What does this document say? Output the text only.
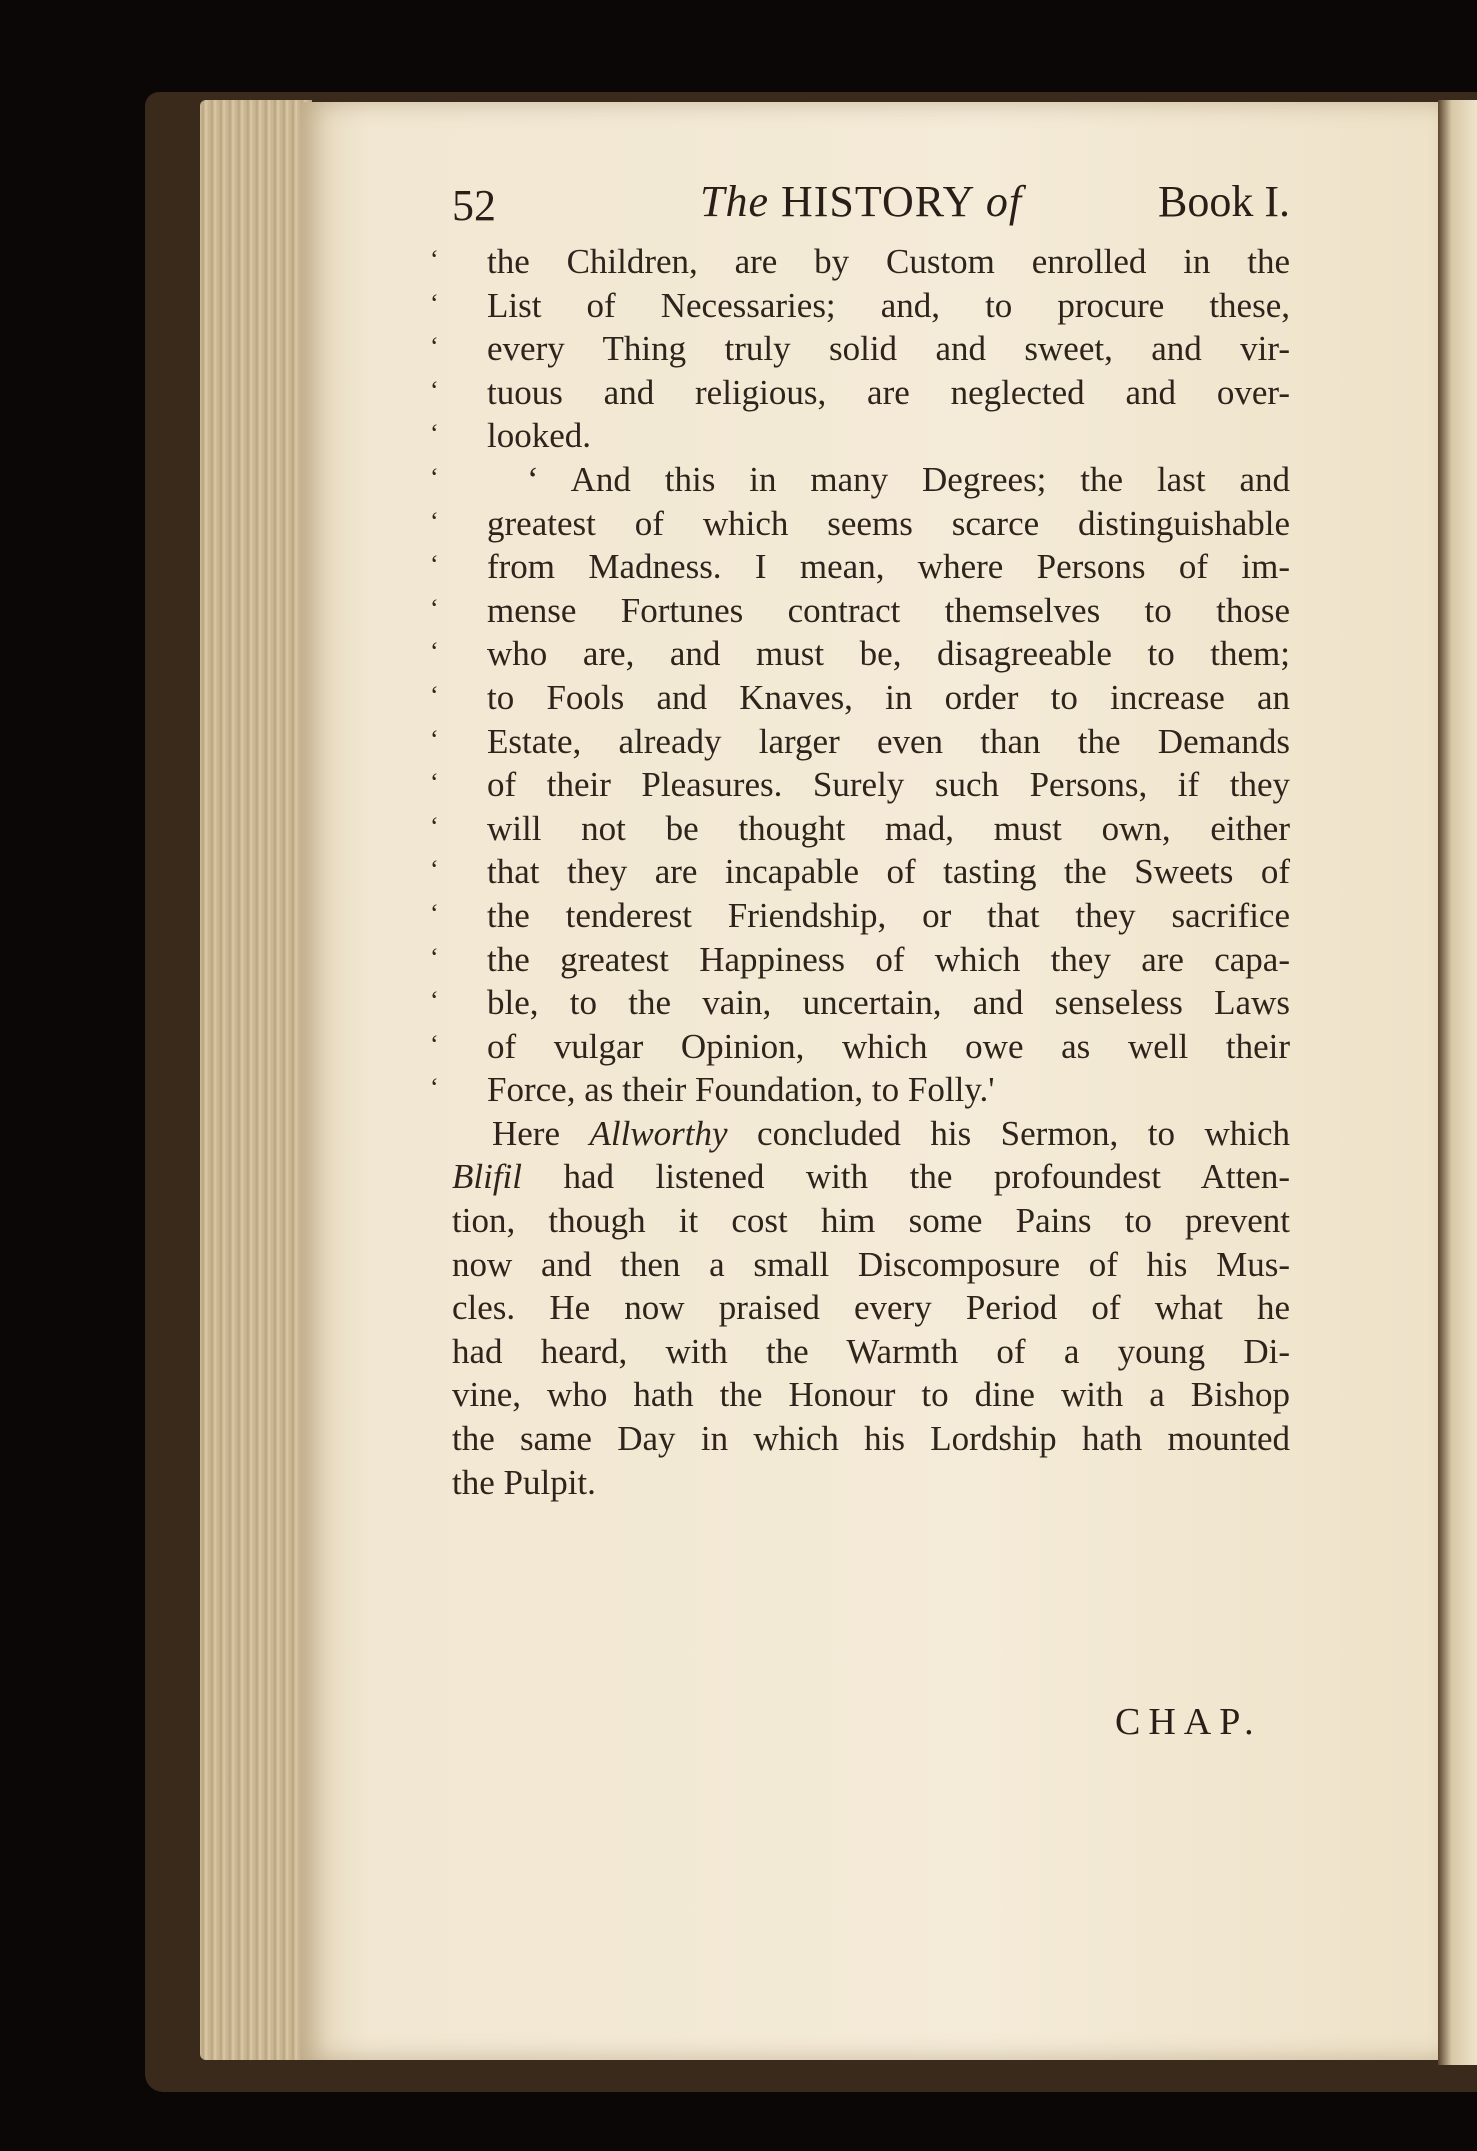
52	The HISTORY of	Book I.
‘	the Children, are by Custom enrolled in the
‘	List of Necessaries; and, to procure these,
‘	every Thing truly solid and sweet, and vir-
‘	tuous and religious, are neglected and over-
‘	looked.
‘	‘ And this in many Degrees; the last and
‘	greatest of which seems scarce distinguishable
‘	from Madness. I mean, where Persons of im-
‘	mense Fortunes contract themselves to those
‘	who are, and must be, disagreeable to them;
‘	to Fools and Knaves, in order to increase an
‘	Estate, already larger even than the Demands
‘	of their Pleasures. Surely such Persons, if they
‘	will not be thought mad, must own, either
‘	that they are incapable of tasting the Sweets of
‘	the tenderest Friendship, or that they sacrifice
‘	the greatest Happiness of which they are capa-
‘	ble, to the vain, uncertain, and senseless Laws
‘	of vulgar Opinion, which owe as well their
‘	Force, as their Foundation, to Folly.'
Here Allworthy concluded his Sermon, to which
Blifil had listened with the profoundest Atten-
tion, though it cost him some Pains to prevent
now and then a small Discomposure of his Mus-
cles. He now praised every Period of what he
had heard, with the Warmth of a young Di-
vine, who hath the Honour to dine with a Bishop
the same Day in which his Lordship hath mounted
the Pulpit.
CHAP.
